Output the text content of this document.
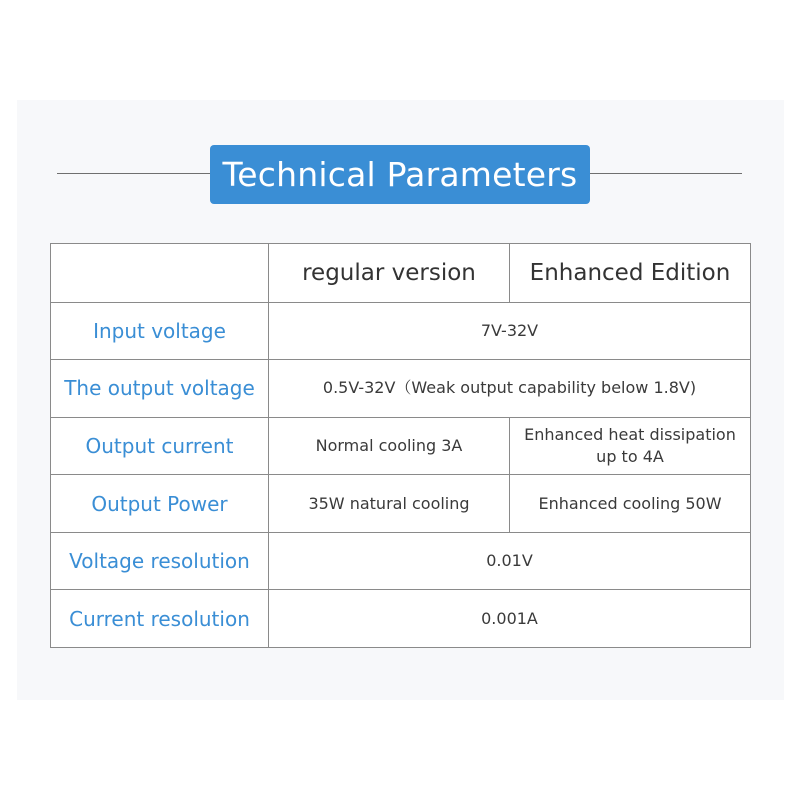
Technical Parameters
	regular version	Enhanced Edition
Input voltage	7V-32V	
The output voltage	0.5V-32V（Weak output capability below 1.8V)	
Output current	Normal cooling 3A	Enhanced heat dissipation up to 4A
Output Power	35W natural cooling	Enhanced cooling 50W
Voltage resolution	0.01V	
Current resolution	0.001A	
